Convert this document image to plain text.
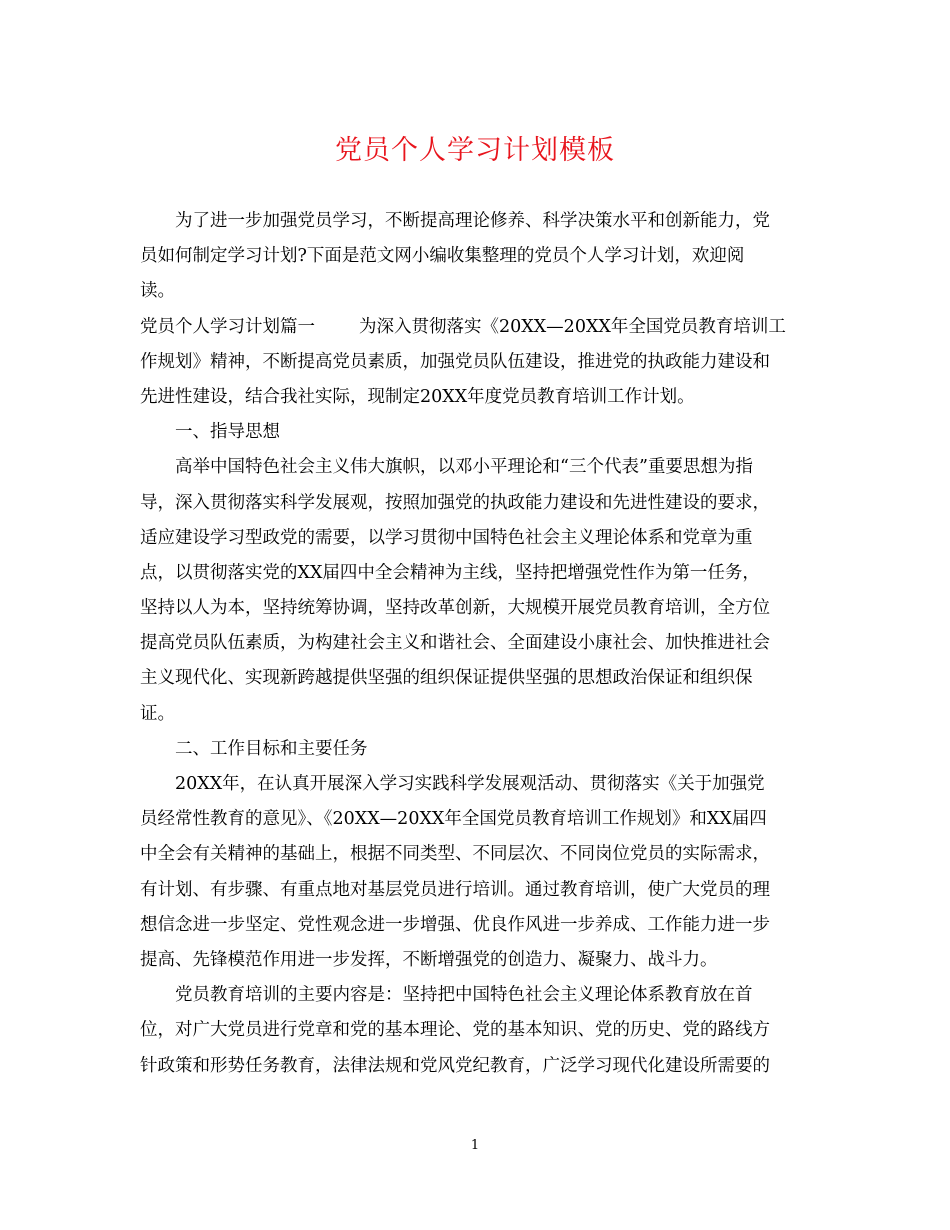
党员个人学习计划模板
为了进一步加强党员学习，不断提高理论修养、科学决策水平和创新能力，党
员如何制定学习计划?下面是范文网小编收集整理的党员个人学习计划，欢迎阅
读。
党员个人学习计划篇一	为深入贯彻落实《20XX—20XX年全国党员教育培训工
作规划》精神，不断提高党员素质，加强党员队伍建设，推进党的执政能力建设和
先进性建设，结合我社实际，现制定20XX年度党员教育培训工作计划。
一、指导思想
高举中国特色社会主义伟大旗帜，以邓小平理论和“三个代表”重要思想为指
导，深入贯彻落实科学发展观，按照加强党的执政能力建设和先进性建设的要求，
适应建设学习型政党的需要，以学习贯彻中国特色社会主义理论体系和党章为重
点，以贯彻落实党的XX届四中全会精神为主线，坚持把增强党性作为第一任务，
坚持以人为本，坚持统筹协调，坚持改革创新，大规模开展党员教育培训，全方位
提高党员队伍素质，为构建社会主义和谐社会、全面建设小康社会、加快推进社会
主义现代化、实现新跨越提供坚强的组织保证提供坚强的思想政治保证和组织保
证。
二、工作目标和主要任务
20XX年，在认真开展深入学习实践科学发展观活动、贯彻落实《关于加强党
员经常性教育的意见》、《20XX—20XX年全国党员教育培训工作规划》和XX届四
中全会有关精神的基础上，根据不同类型、不同层次、不同岗位党员的实际需求，
有计划、有步骤、有重点地对基层党员进行培训。通过教育培训，使广大党员的理
想信念进一步坚定、党性观念进一步增强、优良作风进一步养成、工作能力进一步
提高、先锋模范作用进一步发挥，不断增强党的创造力、凝聚力、战斗力。
党员教育培训的主要内容是：坚持把中国特色社会主义理论体系教育放在首
位，对广大党员进行党章和党的基本理论、党的基本知识、党的历史、党的路线方
针政策和形势任务教育，法律法规和党风党纪教育，广泛学习现代化建设所需要的
1
